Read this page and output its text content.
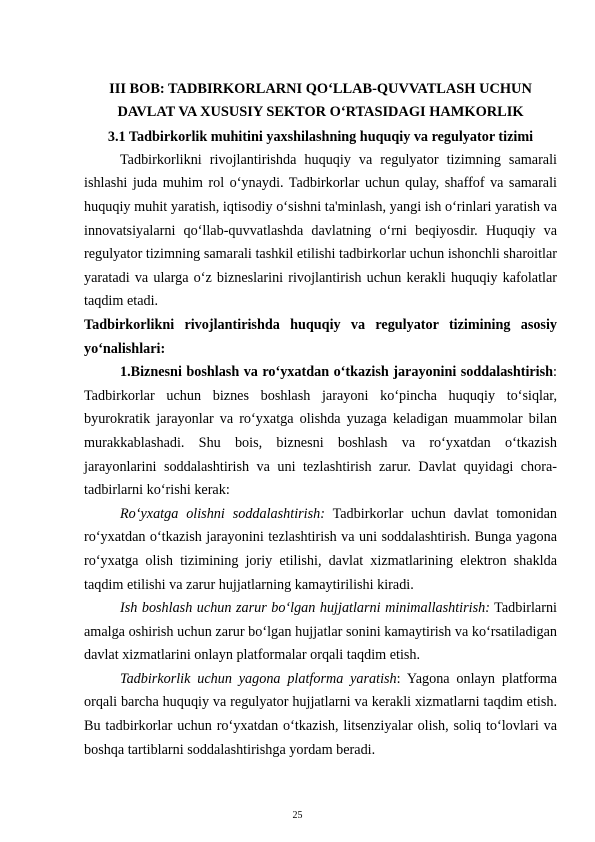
III BOB: TADBIRKORLARNI QO‘LLAB-QUVVATLASH UCHUN
DAVLAT VA XUSUSIY SEKTOR O‘RTASIDAGI HAMKORLIK
3.1 Tadbirkorlik muhitini yaxshilashning huquqiy va regulyator tizimi

Tadbirkorlikni rivojlantirishda huquqiy va regulyator tizimning samarali ishlashi juda muhim rol o‘ynaydi. Tadbirkorlar uchun qulay, shaffof va samarali huquqiy muhit yaratish, iqtisodiy o‘sishni ta'minlash, yangi ish o‘rinlari yaratish va innovatsiyalarni qo‘llab-quvvatlashda davlatning o‘rni beqiyosdir. Huquqiy va regulyator tizimning samarali tashkil etilishi tadbirkorlar uchun ishonchli sharoitlar yaratadi va ularga o‘z bizneslarini rivojlantirish uchun kerakli huquqiy kafolatlar taqdim etadi.

Tadbirkorlikni rivojlantirishda huquqiy va regulyator tizimining asosiy yo‘nalishlari:

1.Biznesni boshlash va ro‘yxatdan o‘tkazish jarayonini soddalashtirish: Tadbirkorlar uchun biznes boshlash jarayoni ko‘pincha huquqiy to‘siqlar, byurokratik jarayonlar va ro‘yxatga olishda yuzaga keladigan muammolar bilan murakkablashadi. Shu bois, biznesni boshlash va ro‘yxatdan o‘tkazish jarayonlarini soddalashtirish va uni tezlashtirish zarur. Davlat quyidagi chora-tadbirlarni ko‘rishi kerak:

Ro‘yxatga olishni soddalashtirish: Tadbirkorlar uchun davlat tomonidan ro‘yxatdan o‘tkazish jarayonini tezlashtirish va uni soddalashtirish. Bunga yagona ro‘yxatga olish tizimining joriy etilishi, davlat xizmatlarining elektron shaklda taqdim etilishi va zarur hujjatlarning kamaytirilishi kiradi.

Ish boshlash uchun zarur bo‘lgan hujjatlarni minimallashtirish: Tadbirlarni amalga oshirish uchun zarur bo‘lgan hujjatlar sonini kamaytirish va ko‘rsatiladigan davlat xizmatlarini onlayn platformalar orqali taqdim etish.

Tadbirkorlik uchun yagona platforma yaratish: Yagona onlayn platforma orqali barcha huquqiy va regulyator hujjatlarni va kerakli xizmatlarni taqdim etish. Bu tadbirkorlar uchun ro‘yxatdan o‘tkazish, litsenziyalar olish, soliq to‘lovlari va boshqa tartiblarni soddalashtirishga yordam beradi.

25
